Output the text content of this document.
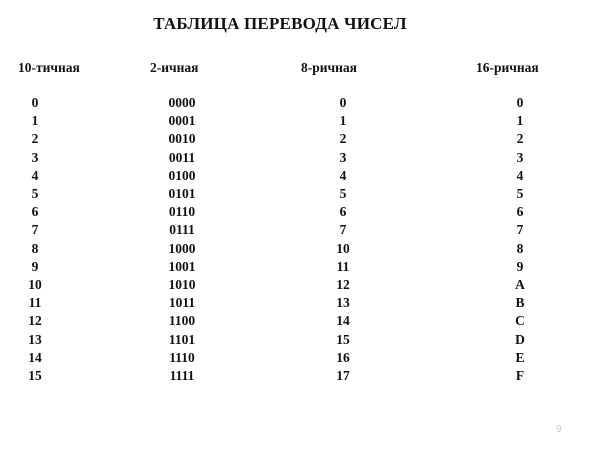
ТАБЛИЦА ПЕРЕВОДА ЧИСЕЛ
10-тичная
0
1
2
3
4
5
6
7
8
9
10
11
12
13
14
15
2-ичная
0000
0001
0010
0011
0100
0101
0110
0111
1000
1001
1010
1011
1100
1101
1110
1111
8-ричная
0
1
2
3
4
5
6
7
10
11
12
13
14
15
16
17
16-ричная
0
1
2
3
4
5
6
7
8
9
A
B
C
D
E
F
9
